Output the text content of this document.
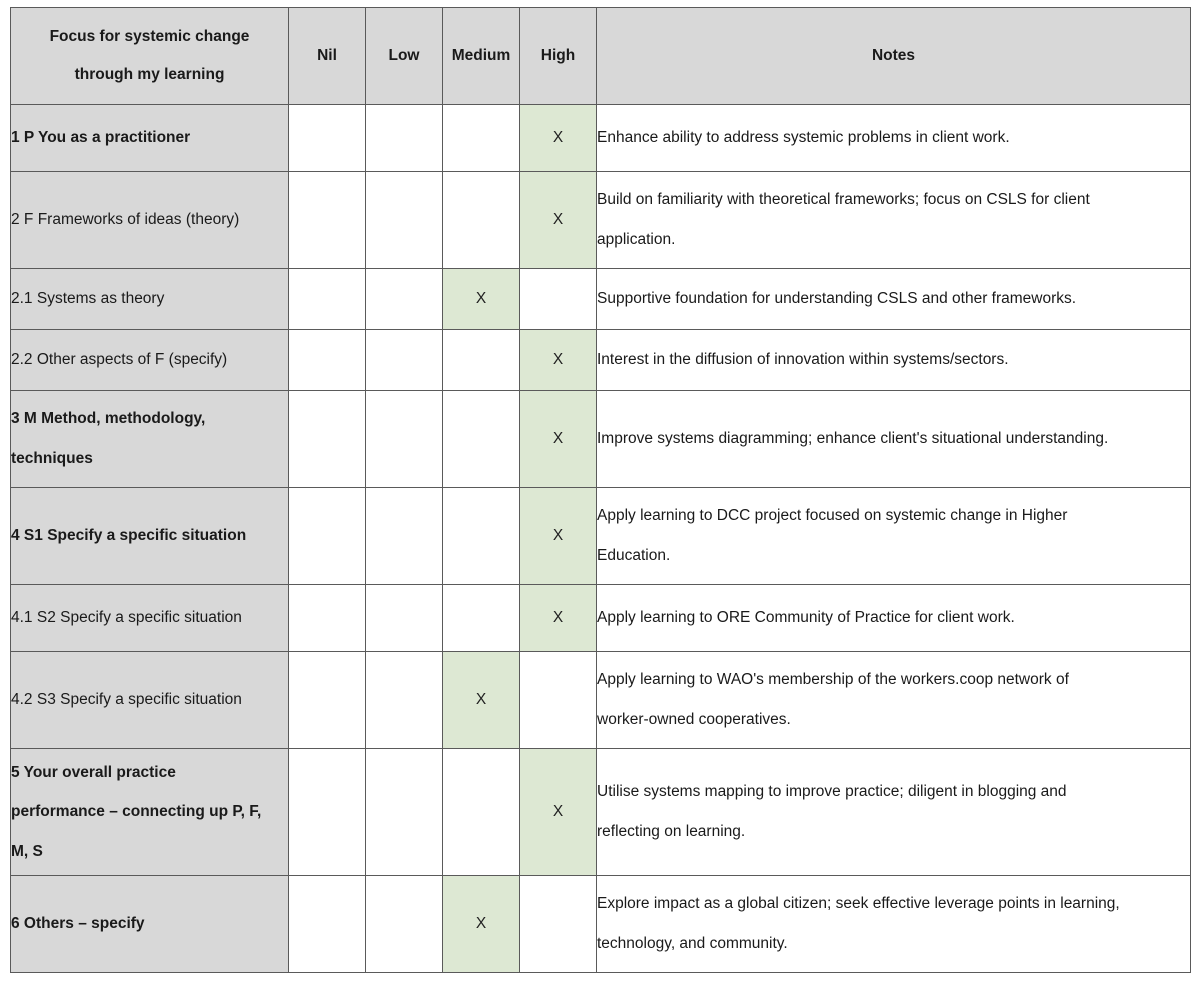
Focus for systemic change
through my learning	Nil	Low	Medium	High	Notes

1 P You as a practitioner				X	Enhance ability to address systemic problems in client work.

2 F Frameworks of ideas (theory)				X	Build on familiarity with theoretical frameworks; focus on CSLS for client
application.

2.1 Systems as theory			X		Supportive foundation for understanding CSLS and other frameworks.

2.2 Other aspects of F (specify)				X	Interest in the diffusion of innovation within systems/sectors.

3 M Method, methodology,
techniques				X	Improve systems diagramming; enhance client's situational understanding.

4 S1 Specify a specific situation				X	Apply learning to DCC project focused on systemic change in Higher
Education.

4.1 S2 Specify a specific situation				X	Apply learning to ORE Community of Practice for client work.

4.2 S3 Specify a specific situation			X		Apply learning to WAO's membership of the workers.coop network of
worker-owned cooperatives.

5 Your overall practice
performance – connecting up P, F,
M, S				X	Utilise systems mapping to improve practice; diligent in blogging and
reflecting on learning.

6 Others – specify			X		Explore impact as a global citizen; seek effective leverage points in learning,
technology, and community.
